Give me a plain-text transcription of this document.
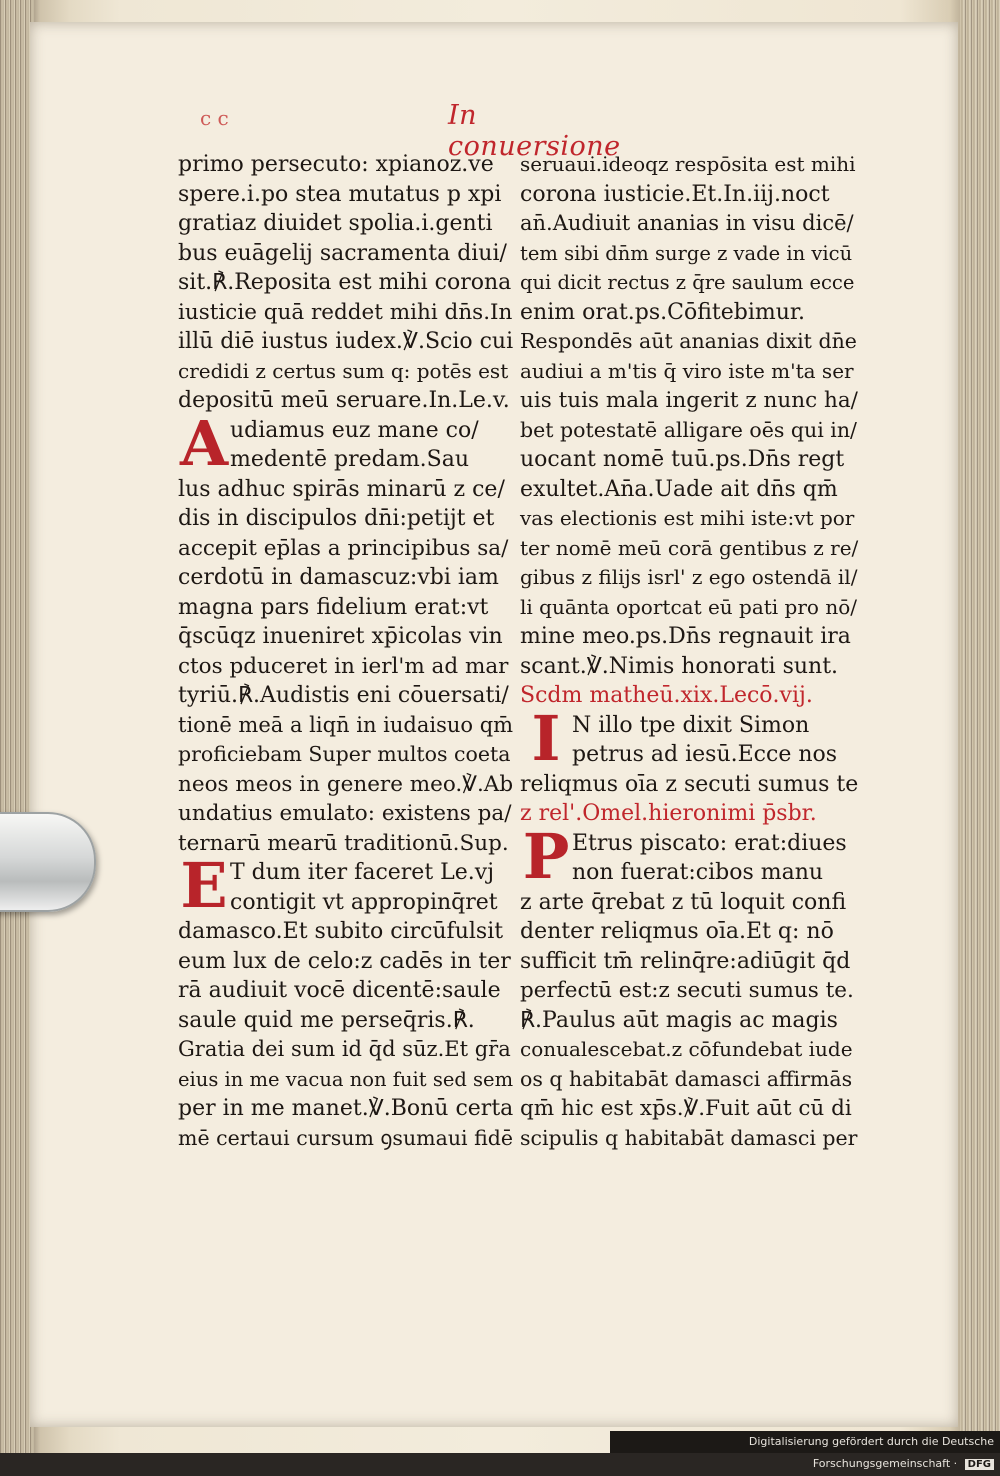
c c	In conuersione
primo persecuto: xpianoz.ve
spere.i.po stea mutatus p xpi
gratiaz diuidet spolia.i.genti
bus euāgelij sacramenta diui/
sit.℟.Reposita est mihi corona
iusticie quā reddet mihi dn̄s.In
illū diē iustus iudex.℣.Scio cui
credidi z certus sum q: potēs est
depositū meū seruare.In.Le.v.
A udiamus euz mane co/
medentē predam.Sau
lus adhuc spirās minarū z ce/
dis in discipulos dn̄i:petijt et
accepit ep̄las a principibus sa/
cerdotū in damascuz:vbi iam
magna pars fidelium erat:vt
q̄scūqz inueniret xp̄icolas vin
ctos pduceret in ierl'm ad mar
tyriū.℟.Audistis eni cōuersati/
tionē meā a liqn̄ in iudaisuo qm̄
proficiebam Super multos coeta
neos meos in genere meo.℣.Ab
undatius emulato: existens pa/
ternarū mearū traditionū.Sup.
E T dum iter faceret Le.vj
contigit vt appropinq̄ret
damasco.Et subito circūfulsit
eum lux de celo:z cadēs in ter
rā audiuit vocē dicentē:saule
saule quid me perseq̄ris.℟.
Gratia dei sum id q̄d sūz.Et gr̄a
eius in me vacua non fuit sed sem
per in me manet.℣.Bonū certa
mē certaui cursum ꝯsumaui fidē
seruaui.ideoqz respōsita est mihi
corona iusticie.Et.In.iij.noct
an̄.Audiuit ananias in visu dicē/
tem sibi dn̄m surge z vade in vicū
qui dicit rectus z q̄re saulum ecce
enim orat.ps.Cōfitebimur.
Respondēs aūt ananias dixit dn̄e
audiui a m'tis q̄ viro iste m'ta ser
uis tuis mala ingerit z nunc ha/
bet potestatē alligare oēs qui in/
uocant nomē tuū.ps.Dn̄s regt
exultet.An̄a.Uade ait dn̄s qm̄
vas electionis est mihi iste:vt por
ter nomē meū corā gentibus z re/
gibus z filijs isrl' z ego ostendā il/
li quānta oportcat eū pati pro nō/
mine meo.ps.Dn̄s regnauit ira
scant.℣.Nimis honorati sunt.
Scdm matheū.xix.Lecō.vij.
I N illo tpe dixit Simon
petrus ad iesū.Ecce nos
reliqmus oīa z secuti sumus te
z rel'.Omel.hieronimi p̄sbr.
P Etrus piscato: erat:diues
non fuerat:cibos manu
z arte q̄rebat z tū loquit confi
denter reliqmus oīa.Et q: nō
sufficit tm̄ relinq̄re:adiūgit q̄d
perfectū est:z secuti sumus te.
℟.Paulus aūt magis ac magis
conualescebat.z cōfundebat iude
os q habitabāt damasci affirmās
qm̄ hic est xp̄s.℣.Fuit aūt cū di
scipulis q habitabāt damasci per
Digitalisierung gefördert durch die Deutsche Forschungsgemeinschaft · DFG
